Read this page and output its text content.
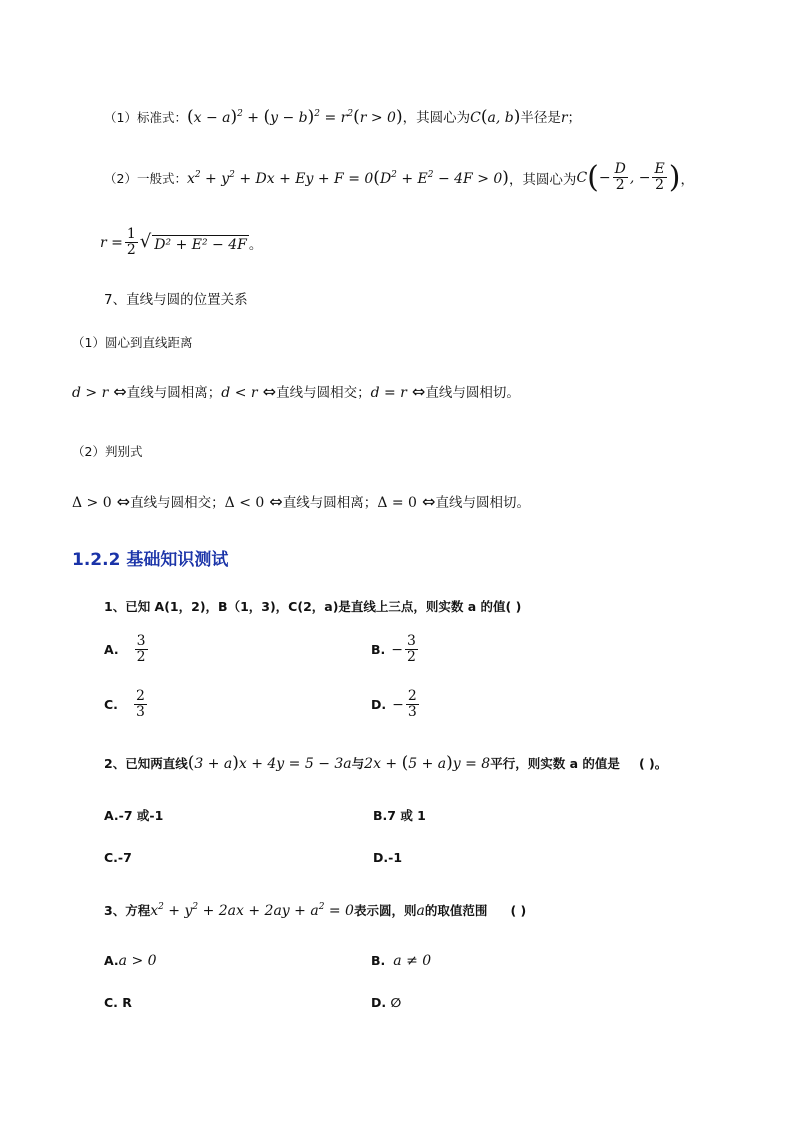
（1）标准式：$(x - a)^2 + (y - b)^2 = r^2(r > 0)$，其圆心为C(a, b)半径是r；
（2）一般式： $x^2 + y^2 + Dx + Ey + F = 0(D^2 + E^2 - 4F > 0)$ ，其圆心为 C ( − $\frac{D}{2}$ , − $\frac{E}{2}$ ) ，
$r = \frac{1}{2}$ √ D² + E² − 4F 。
7、直线与圆的位置关系
（1）圆心到直线距离
d > r ⇔直线与圆相离；d < r ⇔直线与圆相交；d = r ⇔直线与圆相切。
（2）判别式
Δ > 0 ⇔直线与圆相交；Δ < 0 ⇔直线与圆相离；Δ = 0 ⇔直线与圆相切。
1.2.2 基础知识测试
1、已知 A(1，2)，B（1，3)，C(2，a)是直线上三点，则实数 a 的值( )
A. $\frac{3}{2}$	B. − $\frac{3}{2}$
C. $\frac{2}{3}$	D. − $\frac{2}{3}$
2、已知两直线(3 + a)x + 4y = 5 − 3a与2x + (5 + a)y = 8平行，则实数 a 的值是 ( )。
A.-7 或-1	B.7 或 1
C.-7	D.-1
3、方程$x^2 + y^2 + 2ax + 2ay + a^2 = 0$表示圆，则a的取值范围 ( )
A.a > 0	B. a ≠ 0
C. R	D. ∅
